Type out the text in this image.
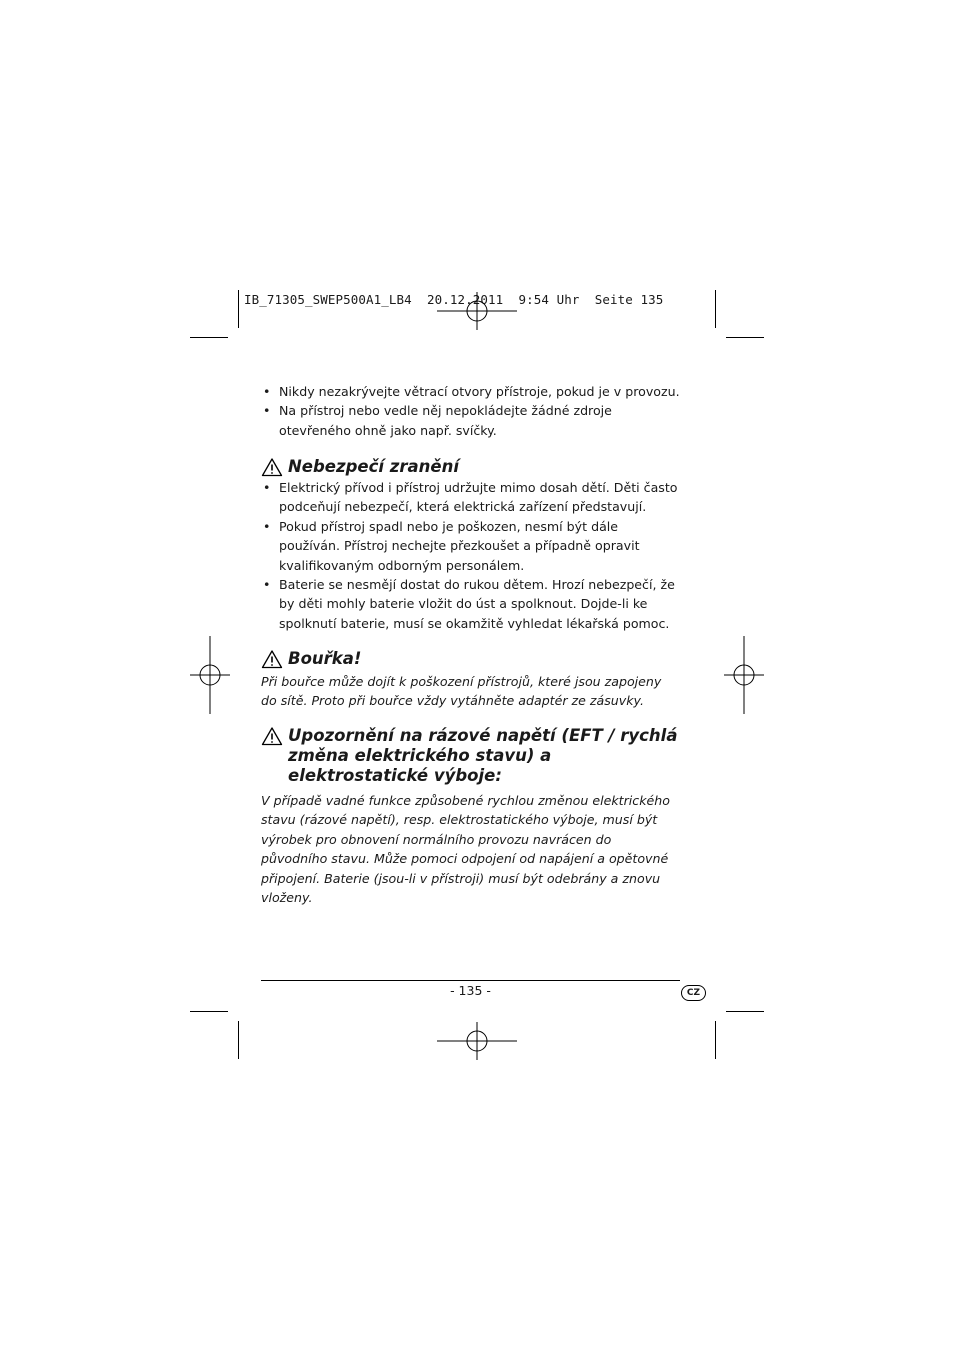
IB_71305_SWEP500A1_LB4  20.12.2011  9:54 Uhr  Seite 135
• Nikdy nezakrývejte větrací otvory přístroje, pokud je v provozu.
• Na přístroj nebo vedle něj nepokládejte žádné zdroje otevřeného ohně jako např. svíčky.
Nebezpečí zranění
• Elektrický přívod i přístroj udržujte mimo dosah dětí. Děti často podceňují nebezpečí, která elektrická zařízení představují.
• Pokud přístroj spadl nebo je poškozen, nesmí být dále používán. Přístroj nechejte přezkoušet a případně opravit kvalifikovaným odborným personálem.
• Baterie se nesmějí dostat do rukou dětem. Hrozí nebezpečí, že by děti mohly baterie vložit do úst a spolknout. Dojde-li ke spolknutí baterie, musí se okamžitě vyhledat lékařská pomoc.
Bouřka!

Při bouřce může dojít k poškození přístrojů, které jsou zapojeny do sítě. Proto při bouřce vždy vytáhněte adaptér ze zásuvky.

Upozornění na rázové napětí (EFT / rychlá změna elektrického stavu) a elektrostatické výboje:

V případě vadné funkce způsobené rychlou změnou elektrického stavu (rázové napětí), resp. elektrostatického výboje, musí být výrobek pro obnovení normálního provozu navrácen do původního stavu. Může pomoci odpojení od napájení a opětovné připojení. Baterie (jsou-li v přístroji) musí být odebrány a znovu vloženy.

- 135 -	CZ
